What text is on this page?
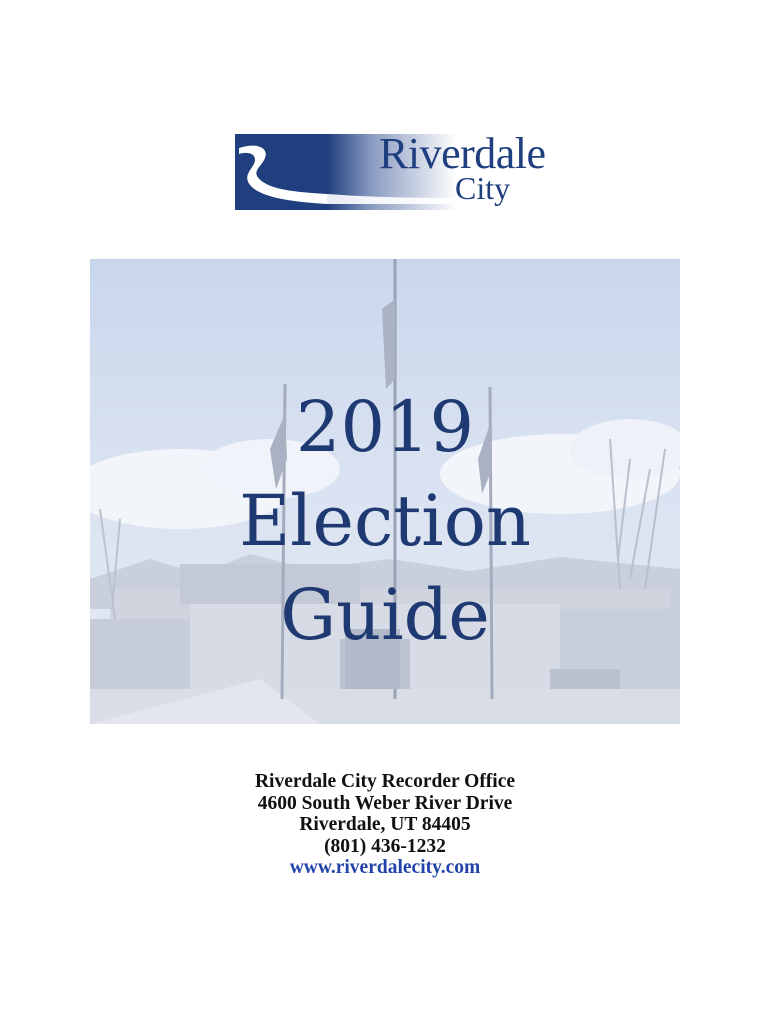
Riverdale
City
2019
Election
Guide
Riverdale City Recorder Office
4600 South Weber River Drive
Riverdale, UT 84405
(801) 436-1232
www.riverdalecity.com
